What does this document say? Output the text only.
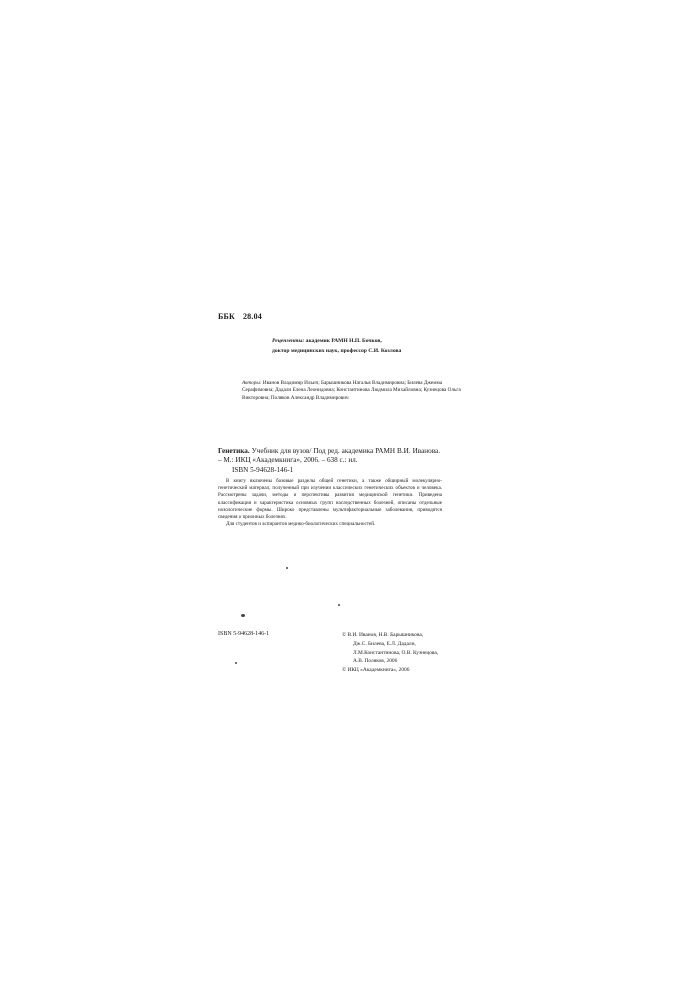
ББК 28.04
Рецензенты: академик РАМН Н.П. Бочков,
доктор медицинских наук, профессор С.И. Козлова
Авторы: Иванов Владимир Ильич; Барышникова Наталья Владимировна; Билева Джемма Серафимовна; Дадали Елена Леонидовна; Константинова Людмила Михайловна; Кузнецова Ольга Викторовна; Поляков Александр Владимирович
Генетика. Учебник для вузов/ Под ред. академика РАМН В.И. Иванова. – М.: ИКЦ «Академкнига», 2006. – 638 с.: ил.
ISBN 5-94628-146-1

В книгу включены базовые разделы общей генетики, а также обширный молекулярно-генетический материал, полученный при изучении классических генетических объектов и человека. Рассмотрены задачи, методы и перспективы развития медицинской генетики. Приведена классификация и характеристика основных групп наследственных болезней, описаны отдельные нозологические формы. Широко представлены мультифакториальные заболевания, приводятся сведения о прионных болезнях.

Для студентов и аспирантов медико-биологических специальностей.

ISBN 5-94628-146-1	© В.И. Иванов, Н.В. Барышникова,
Дж.С. Билева, Е.Л. Дадали,
Л.М.Константинова, О.В. Кузнецова,
А.В. Поляков, 2006
© ИКЦ «Академкнига», 2006
